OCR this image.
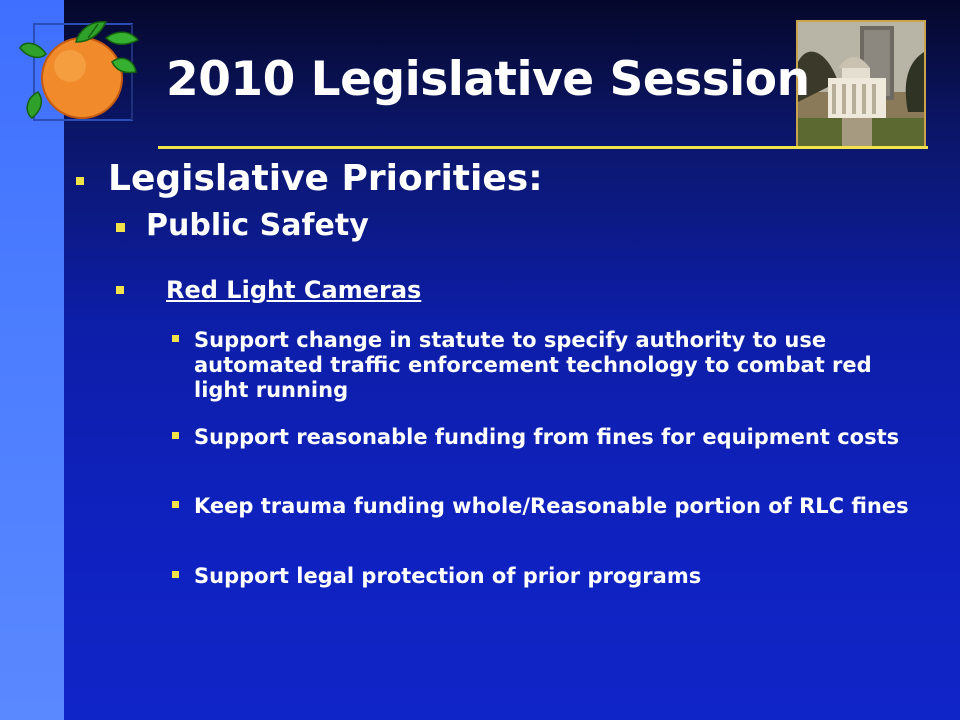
2010 Legislative Session
Legislative Priorities:
Public Safety
Red Light Cameras
Support change in statute to specify authority to use automated traffic enforcement technology to combat red light running
Support reasonable funding from fines for equipment costs
Keep trauma funding whole/Reasonable portion of RLC fines
Support legal protection of prior programs
